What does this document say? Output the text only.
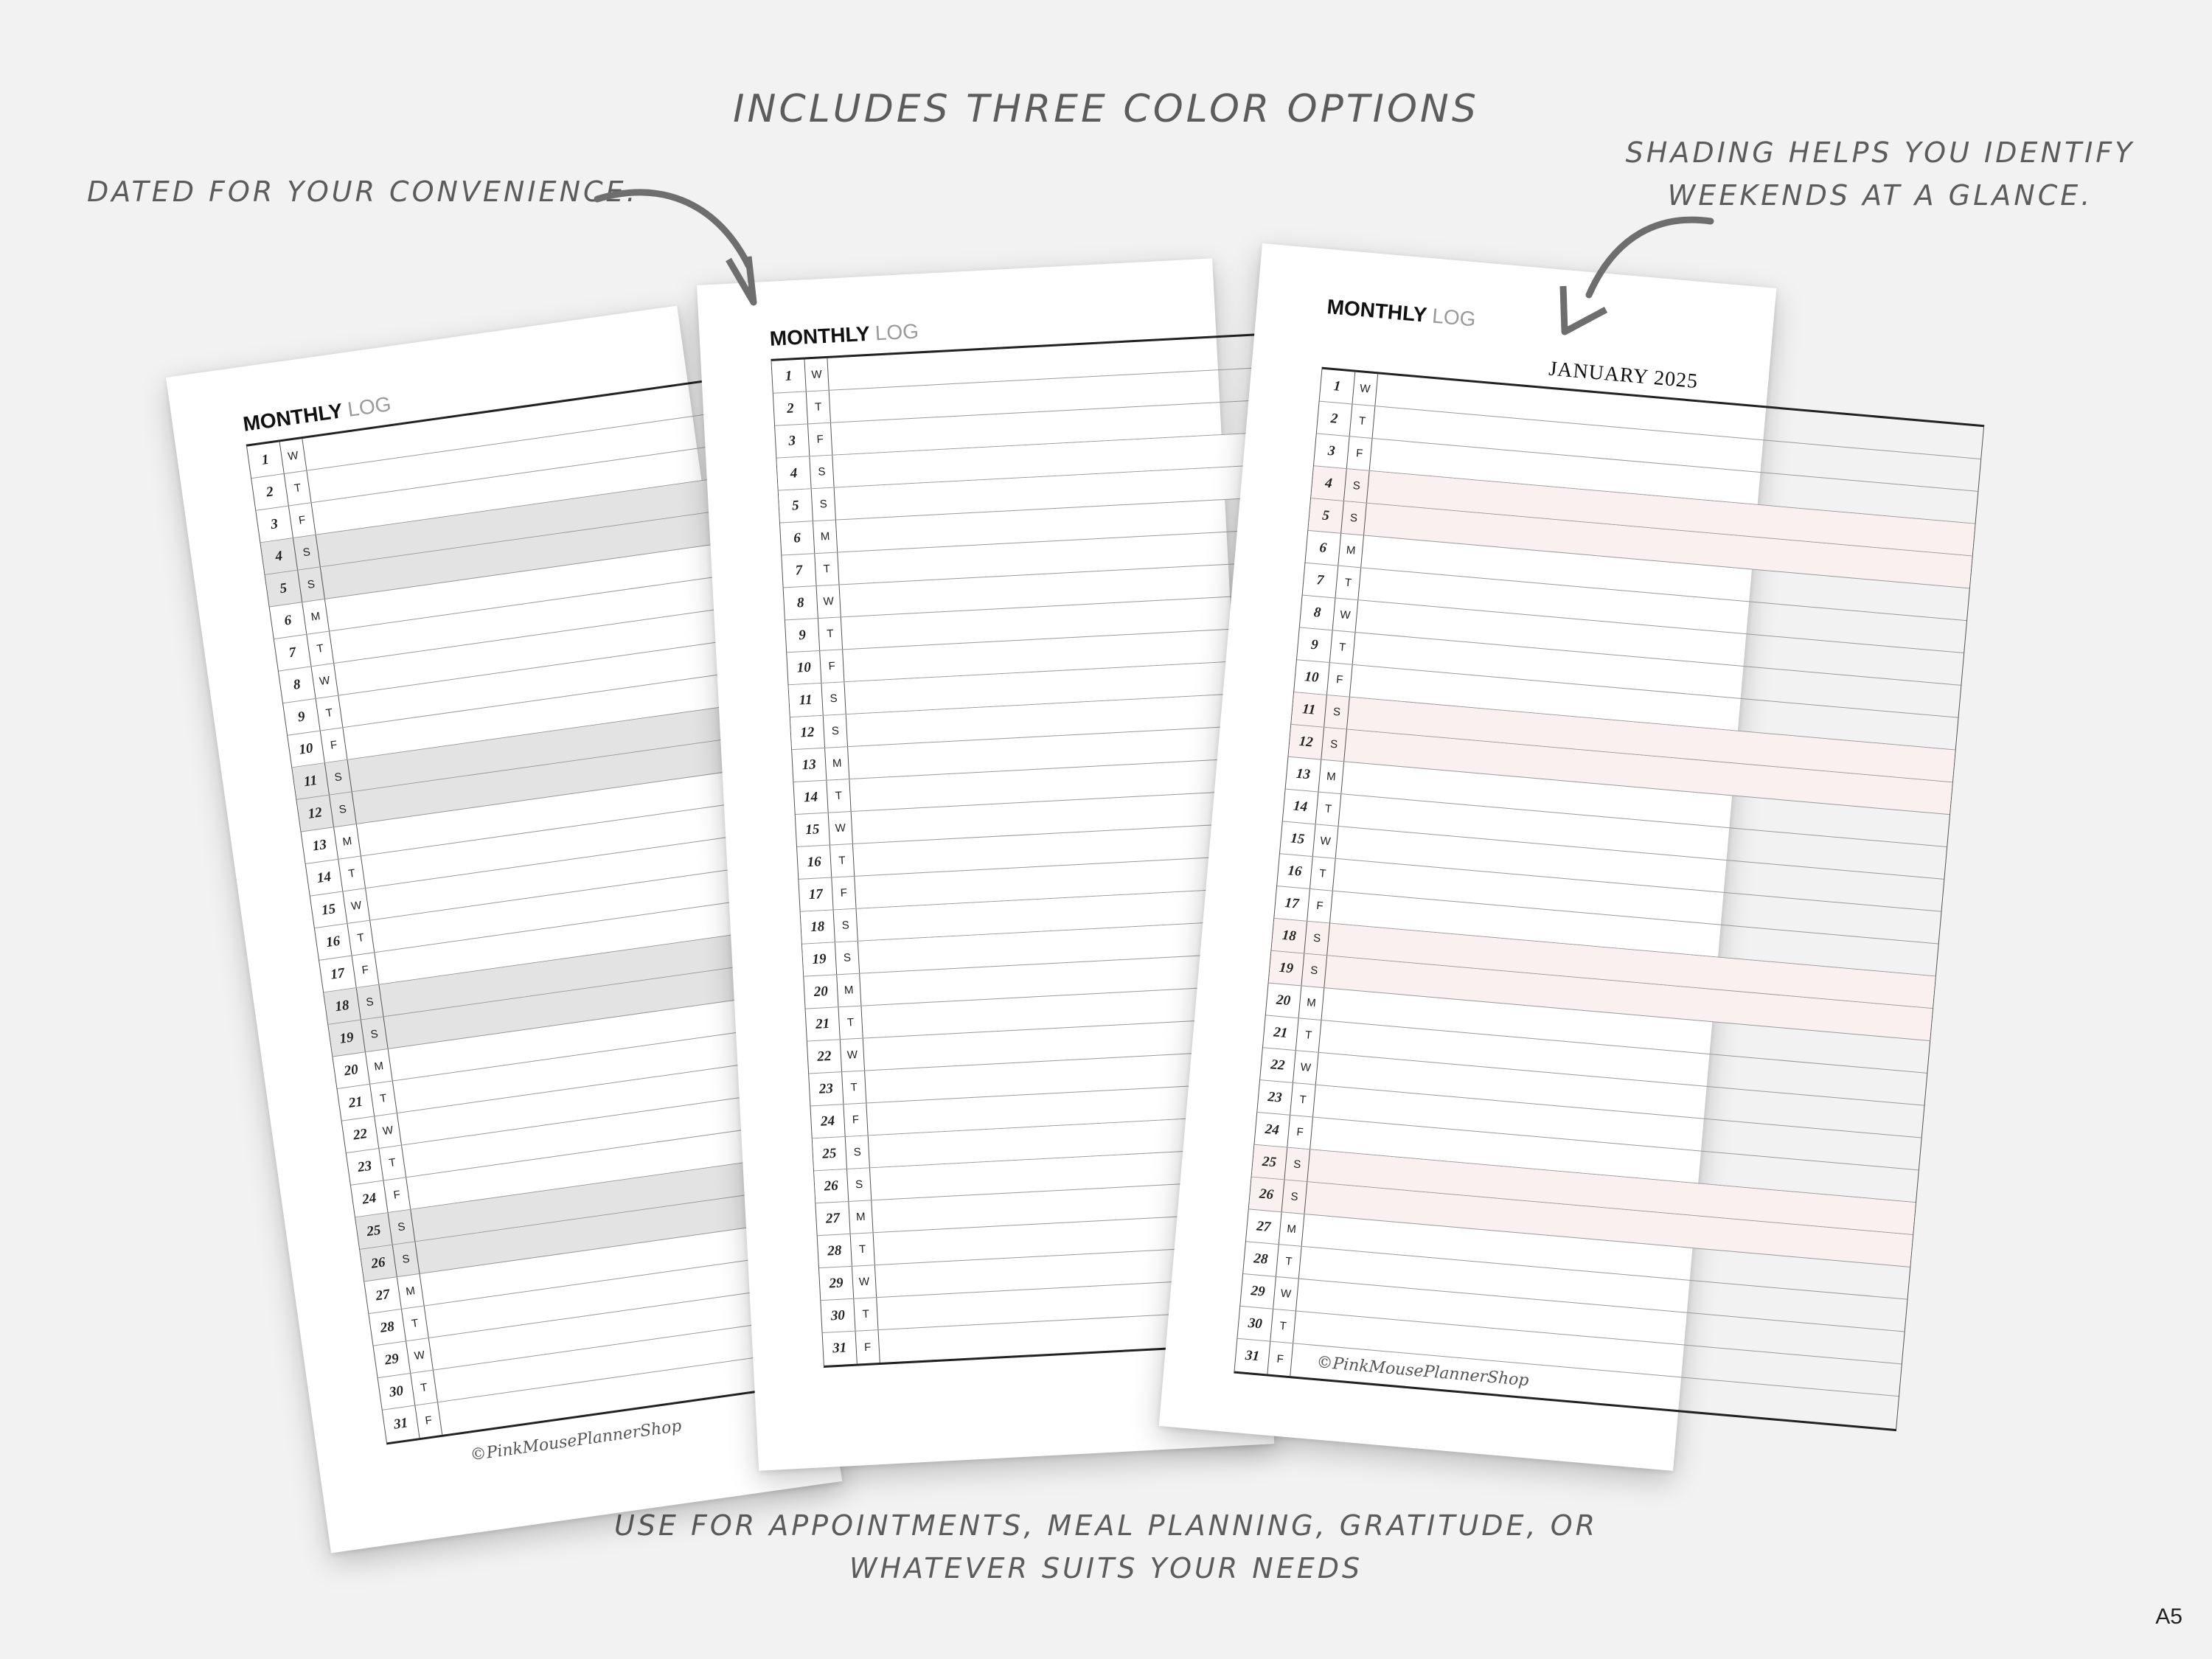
INCLUDES THREE COLOR OPTIONS
DATED FOR YOUR CONVENIENCE.
SHADING HELPS YOU IDENTIFY
WEEKENDS AT A GLANCE.
USE FOR APPOINTMENTS, MEAL PLANNING, GRATITUDE, OR
WHATEVER SUITS YOUR NEEDS
MONTHLY LOG
1	W
2	T
3	F
4	S
5	S
6	M
7	T
8	W
9	T
10	F
11	S
12	S
13	M
14	T
15	W
16	T
17	F
18	S
19	S
20	M
21	T
22	W
23	T
24	F
25	S
26	S
27	M
28	T
29	W
30	T
31	F	©PinkMousePlannerShop
MONTHLY LOG
1	W
2	T
3	F
4	S
5	S
6	M
7	T
8	W
9	T
10	F
11	S
12	S
13	M
14	T
15	W
16	T
17	F
18	S
19	S
20	M
21	T
22	W
23	T
24	F
25	S
26	S
27	M
28	T
29	W
30	T
31	F
MONTHLY LOG
JANUARY 2025
1	W
2	T
3	F
4	S
5	S
6	M
7	T
8	W
9	T
10	F
11	S
12	S
13	M
14	T
15	W
16	T
17	F
18	S
19	S
20	M
21	T
22	W
23	T
24	F
25	S
26	S
27	M
28	T
29	W
30	T
31	F	©PinkMousePlannerShop
A5
